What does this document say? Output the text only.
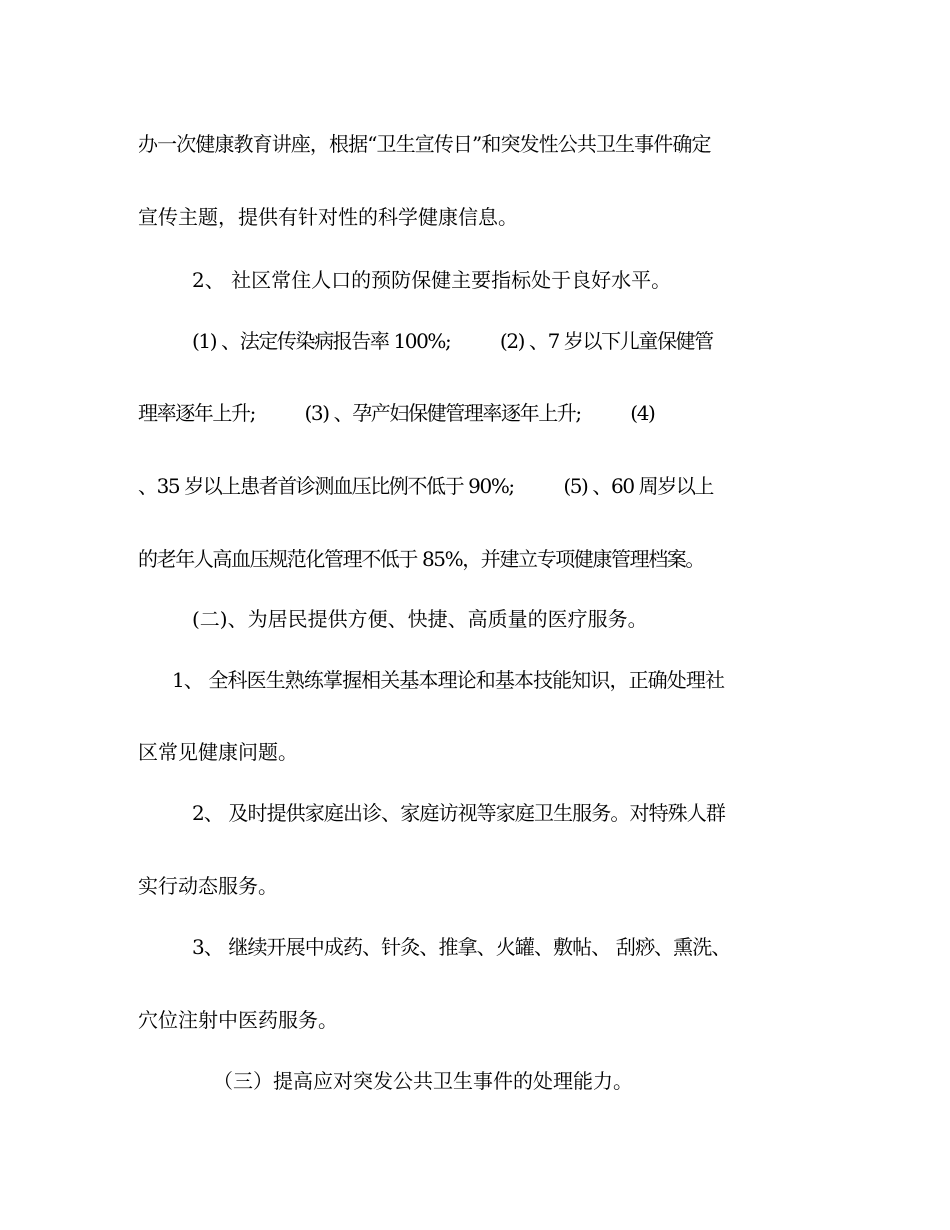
办一次健康教育讲座，根据“卫生宣传日”和突发性公共卫生事件确定
宣传主题，提供有针对性的科学健康信息。
2、 社区常住人口的预防保健主要指标处于良好水平。
(1) 、法定传染病报告率 100%;          (2) 、7 岁以下儿童保健管
理率逐年上升;          (3) 、孕产妇保健管理率逐年上升;          (4)
、35 岁以上患者首诊测血压比例不低于 90%;          (5) 、60 周岁以上
的老年人高血压规范化管理不低于 85%，并建立专项健康管理档案。
(二)、为居民提供方便、快捷、高质量的医疗服务。
1、 全科医生熟练掌握相关基本理论和基本技能知识，正确处理社
区常见健康问题。
2、 及时提供家庭出诊、家庭访视等家庭卫生服务。对特殊人群
实行动态服务。
3、 继续开展中成药、针灸、推拿、火罐、敷帖、 刮痧、熏洗、
穴位注射中医药服务。
（三）提高应对突发公共卫生事件的处理能力。
